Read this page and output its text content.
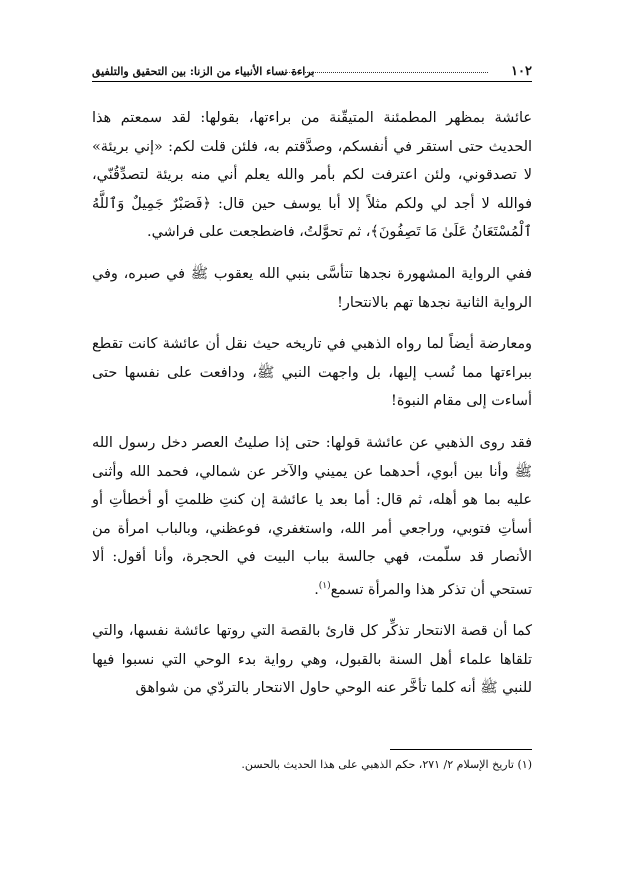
١٠٢
براءة نساء الأنبياء من الزنا: بين التحقيق والتلفيق

عائشة بمظهر المطمئنة المتيقّنة من براءتها، بقولها: لقد سمعتم هذا الحديث حتى استقر في أنفسكم، وصدَّقتم به، فلئن قلت لكم: «إني بريئة» لا تصدقوني، ولئن اعترفت لكم بأمر والله يعلم أني منه بريئة لتصدِّقُنّي، فوالله لا أجد لي ولكم مثلاً إلا أبا يوسف حين قال: ﴿فَصَبْرٌ جَمِيلٌ وَٱللَّهُ ٱلْمُسْتَعَانُ عَلَىٰ مَا تَصِفُونَ﴾، ثم تحوَّلتُ، فاضطجعت على فراشي.

ففي الرواية المشهورة نجدها تتأسَّى بنبي الله يعقوب ﷺ في صبره، وفي الرواية الثانية نجدها تهم بالانتحار!

ومعارضة أيضاً لما رواه الذهبي في تاريخه حيث نقل أن عائشة كانت تقطع ببراءتها مما نُسب إليها، بل واجهت النبي ﷺ، ودافعت على نفسها حتى أساءت إلى مقام النبوة!

فقد روى الذهبي عن عائشة قولها: حتى إذا صليتُ العصر دخل رسول الله ﷺ وأنا بين أبوي، أحدهما عن يميني والآخر عن شمالي، فحمد الله وأثنى عليه بما هو أهله، ثم قال: أما بعد يا عائشة إن كنتِ ظلمتِ أو أخطأتِ أو أسأتِ فتوبي، وراجعي أمر الله، واستغفري، فوعظني، وبالباب امرأة من الأنصار قد سلّمت، فهي جالسة بباب البيت في الحجرة، وأنا أقول: ألا تستحي أن تذكر هذا والمرأة تسمع$^{(١)}$.

كما أن قصة الانتحار تذكِّر كل قارئ بالقصة التي روتها عائشة نفسها، والتي تلقاها علماء أهل السنة بالقبول، وهي رواية بدء الوحي التي نسبوا فيها للنبي ﷺ أنه كلما تأخَّر عنه الوحي حاول الانتحار بالتردّي من شواهق

(١) تاريخ الإسلام ٢/ ٢٧١، حكم الذهبي على هذا الحديث بالحسن.
